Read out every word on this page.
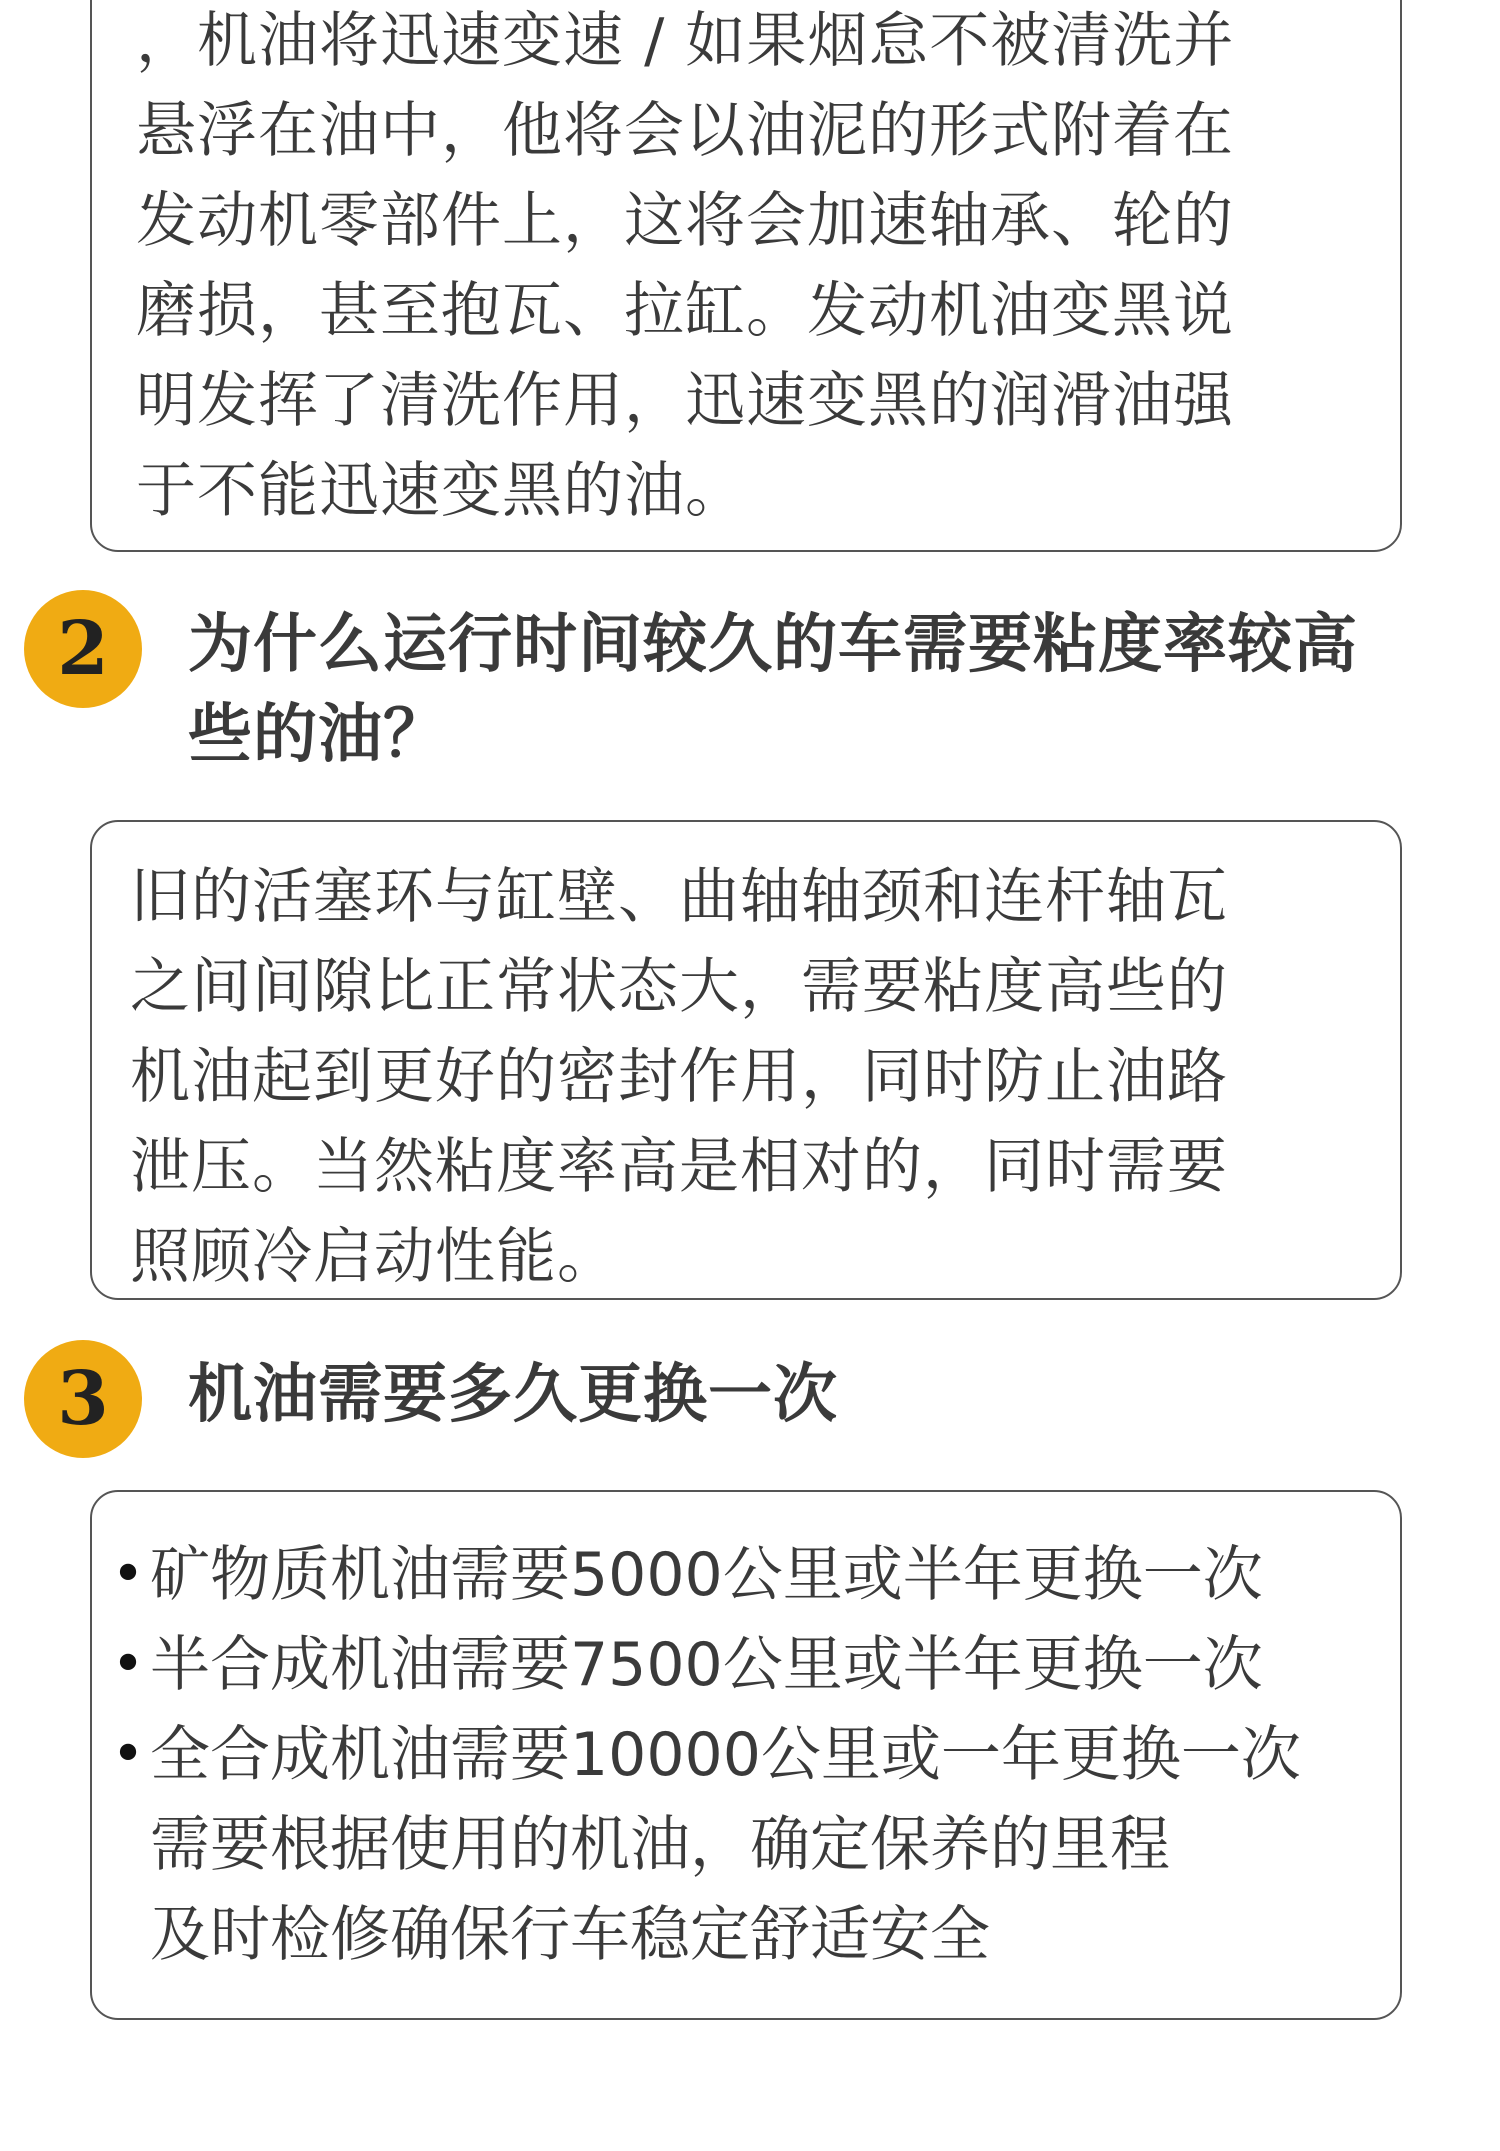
，机油将迅速变速 / 如果烟怠不被清洗并
悬浮在油中，他将会以油泥的形式附着在
发动机零部件上，这将会加速轴承、轮的
磨损，甚至抱瓦、拉缸。发动机油变黑说
明发挥了清洗作用，迅速变黑的润滑油强
于不能迅速变黑的油。
2	为什么运行时间较久的车需要粘度率较高
些的油？
旧的活塞环与缸壁、曲轴轴颈和连杆轴瓦
之间间隙比正常状态大，需要粘度高些的
机油起到更好的密封作用，同时防止油路
泄压。当然粘度率高是相对的，同时需要
照顾冷启动性能。
3	机油需要多久更换一次
• 矿物质机油需要5000公里或半年更换一次
• 半合成机油需要7500公里或半年更换一次
• 全合成机油需要10000公里或一年更换一次
需要根据使用的机油，确定保养的里程
及时检修确保行车稳定舒适安全
